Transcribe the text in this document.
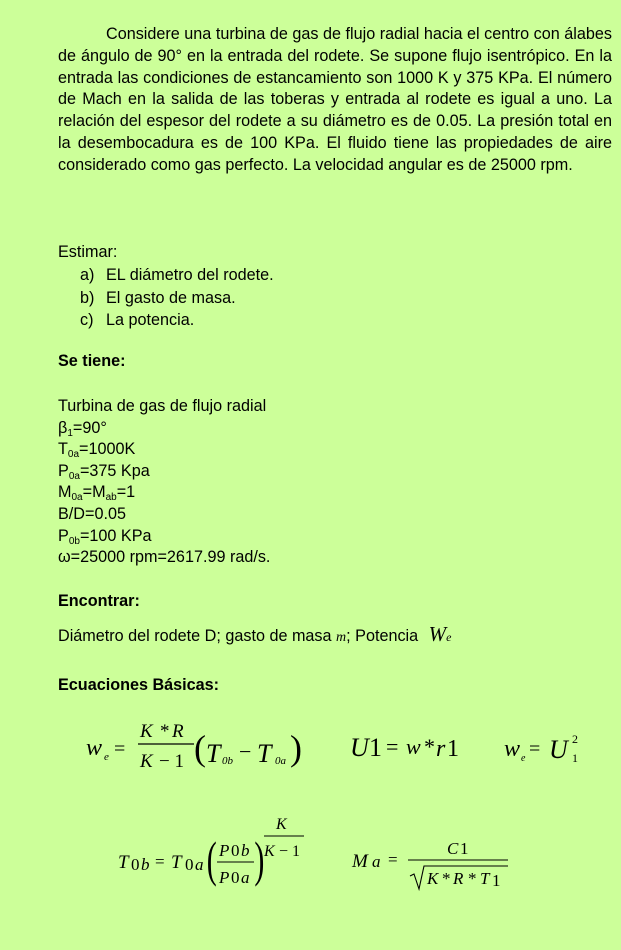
Considere una turbina de gas de flujo radial hacia el centro con álabes de ángulo de 90° en la entrada del rodete. Se supone flujo isentrópico. En la entrada las condiciones de estancamiento son 1000 K y 375 KPa. El número de Mach en la salida de las toberas y entrada al rodete es igual a uno. La relación del espesor del rodete a su diámetro es de 0.05. La presión total en la desembocadura es de 100 KPa. El fluido tiene las propiedades de aire considerado como gas perfecto. La velocidad angular es de 25000 rpm.
Estimar:
a) EL diámetro del rodete.
b) El gasto de masa.
c) La potencia.
Se tiene:
Turbina de gas de flujo radial
$\beta_1=90^\circ$
$T_{0a}=1000K$
$P_{0a}=375$ Kpa
$M_{0a}=M_{ab}=1$
B/D=0.05
$P_{0b}=100$ KPa
ω=25000 rpm=2617.99 rad/s.
Encontrar:
Diámetro del rodete D; gasto de masa m; Potencia We
Ecuaciones Básicas:
w e =
K * R
K − 1 ( T 0b − T 0a ) U 1 = w * r 1 w e = U 2
1
T 0 b = T 0 a ( P 0 b
P 0 a )
K
K − 1	M a =
C 1
K * R * T 1
